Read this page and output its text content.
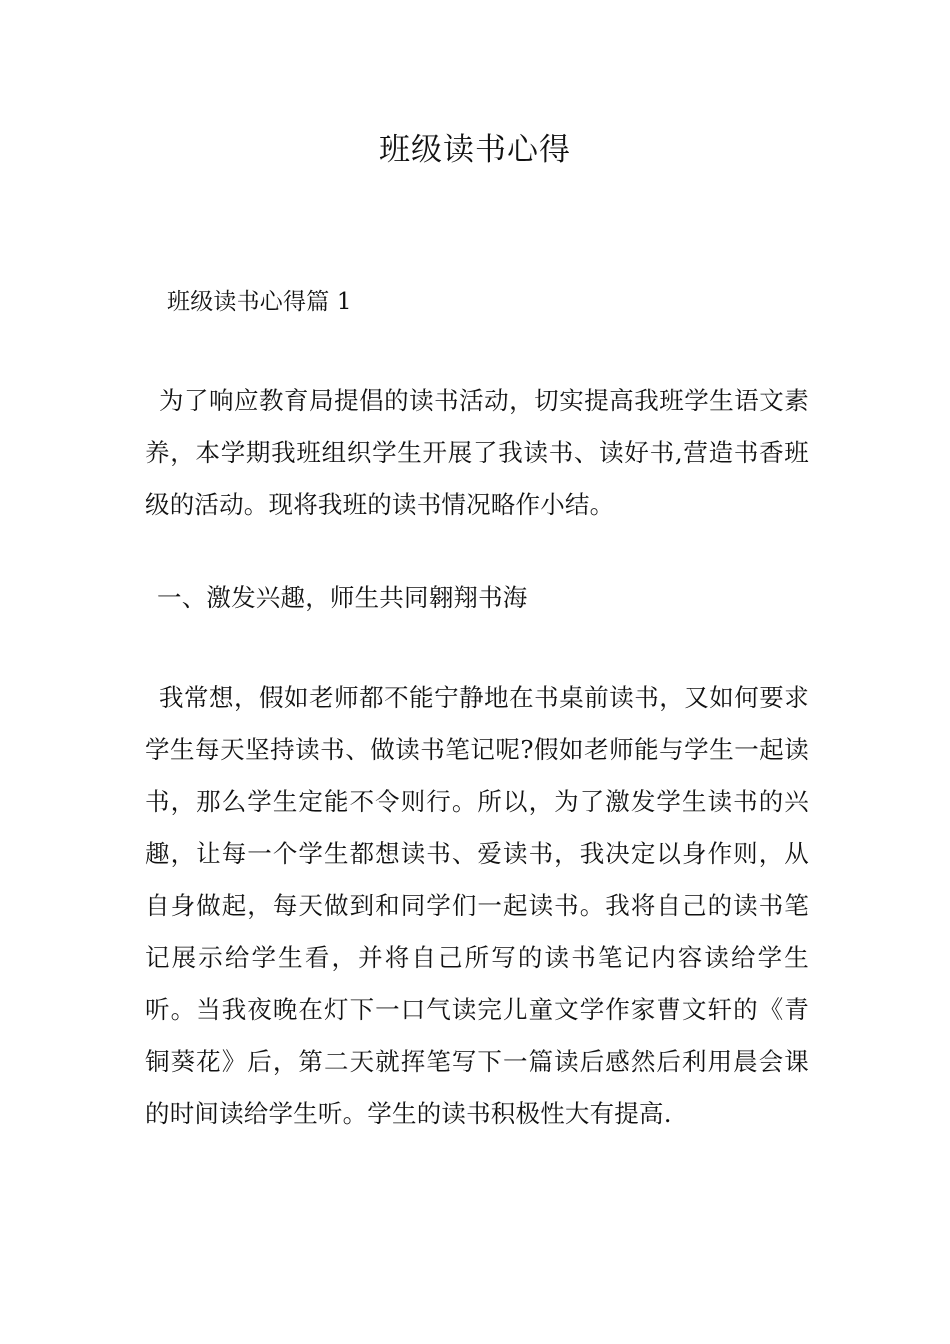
班级读书心得
班级读书心得篇 1

为了响应教育局提倡的读书活动，切实提高我班学生语文素养，本学期我班组织学生开展了我读书、读好书,营造书香班级的活动。现将我班的读书情况略作小结。

一、激发兴趣，师生共同翱翔书海

我常想，假如老师都不能宁静地在书桌前读书，又如何要求学生每天坚持读书、做读书笔记呢?假如老师能与学生一起读书，那么学生定能不令则行。所以，为了激发学生读书的兴趣，让每一个学生都想读书、爱读书，我决定以身作则，从自身做起，每天做到和同学们一起读书。我将自己的读书笔记展示给学生看，并将自己所写的读书笔记内容读给学生听。当我夜晚在灯下一口气读完儿童文学作家曹文轩的《青铜葵花》后，第二天就挥笔写下一篇读后感然后利用晨会课的时间读给学生听。学生的读书积极性大有提高.
